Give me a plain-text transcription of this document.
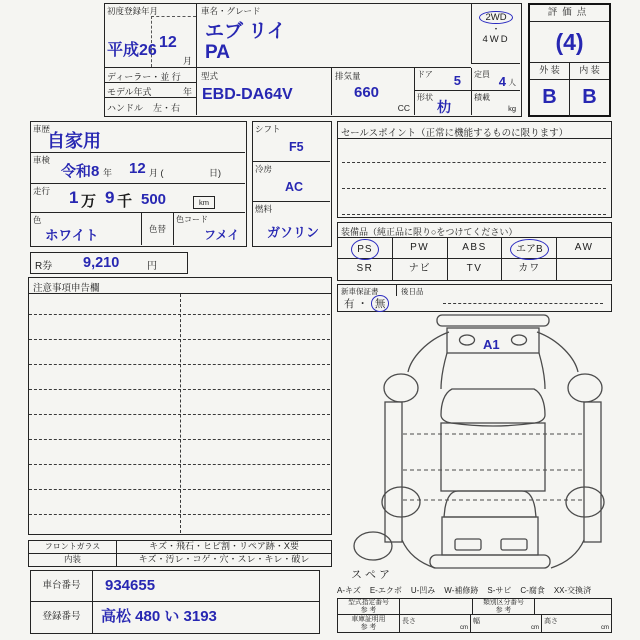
初度登録年月
平成26 12
月
ディーラー・並 行
モデル年式	年
ハンドル 左・右
車名・グレード
エブ リイ
PA
2WD
・
4WD
型式
EBD-DA64V
排気量
660
CC
ドア 5
形状
朸
定員 4 人
積載
kg
評価点
(4)
外 装	内 装
B	B
車歴
自家用
車検
令和8 年 12 月 (	日)
走行 1 万 9 千 500	km
色
ホワイト	色替
色コード
フメイ
シフト
F5
冷房
AC
燃料
ガソリン
R券 9,210	円
注意事項申告欄
フロントガラス	キズ・飛石・ヒビ割・リペア跡・X要
内装	キズ・汚レ・コゲ・穴・スレ・キレ・破レ
車台番号	934655
登録番号	高松 480 い 3193
セールスポイント（正常に機能するものに限ります）
装備品（純正品に限り○をつけてください）
PS	PW	ABS	エアB	AW
SR	ナビ	TV	カワ
新車保証書	後日品
有 ・ 無
A1
スペア
A-キズ E-エクボ U-凹み W-補修跡 S-サビ C-腐食 XX-交換済
型式指定番号
参 考
類別区分番号
参 考
車庫証明用
参 考
長さ
cm
幅
cm
高さ
cm
